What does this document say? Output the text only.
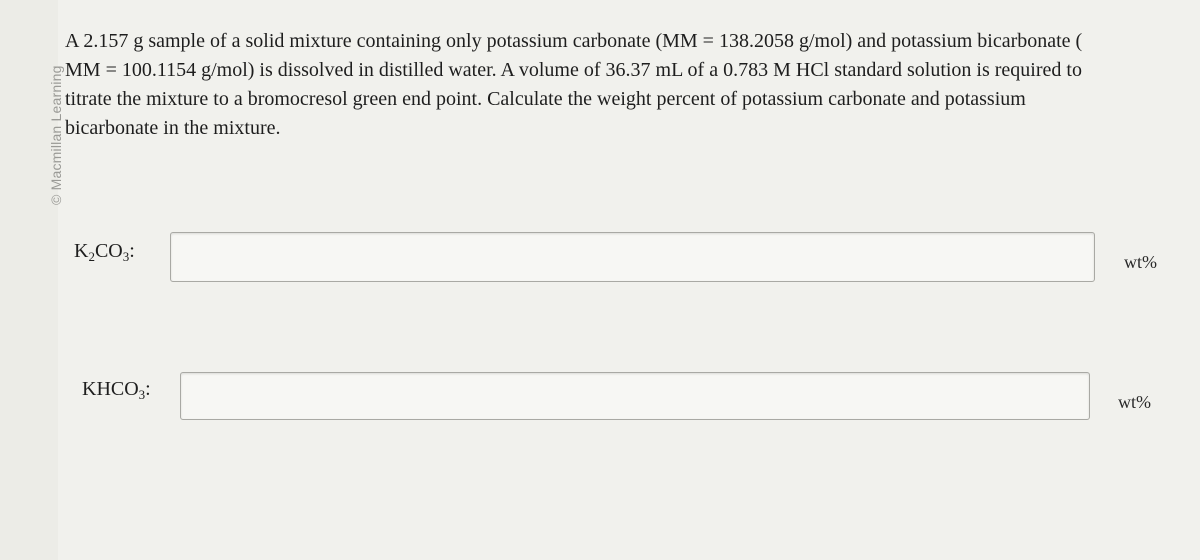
© Macmillan Learning
A 2.157 g sample of a solid mixture containing only potassium carbonate (MM = 138.2058 g/mol) and potassium bicarbonate (
MM = 100.1154 g/mol) is dissolved in distilled water. A volume of 36.37 mL of a 0.783 M HCl standard solution is required to
titrate the mixture to a bromocresol green end point. Calculate the weight percent of potassium carbonate and potassium
bicarbonate in the mixture.
$K_2CO_3$:	wt%
$KHCO_3$:
wt%
